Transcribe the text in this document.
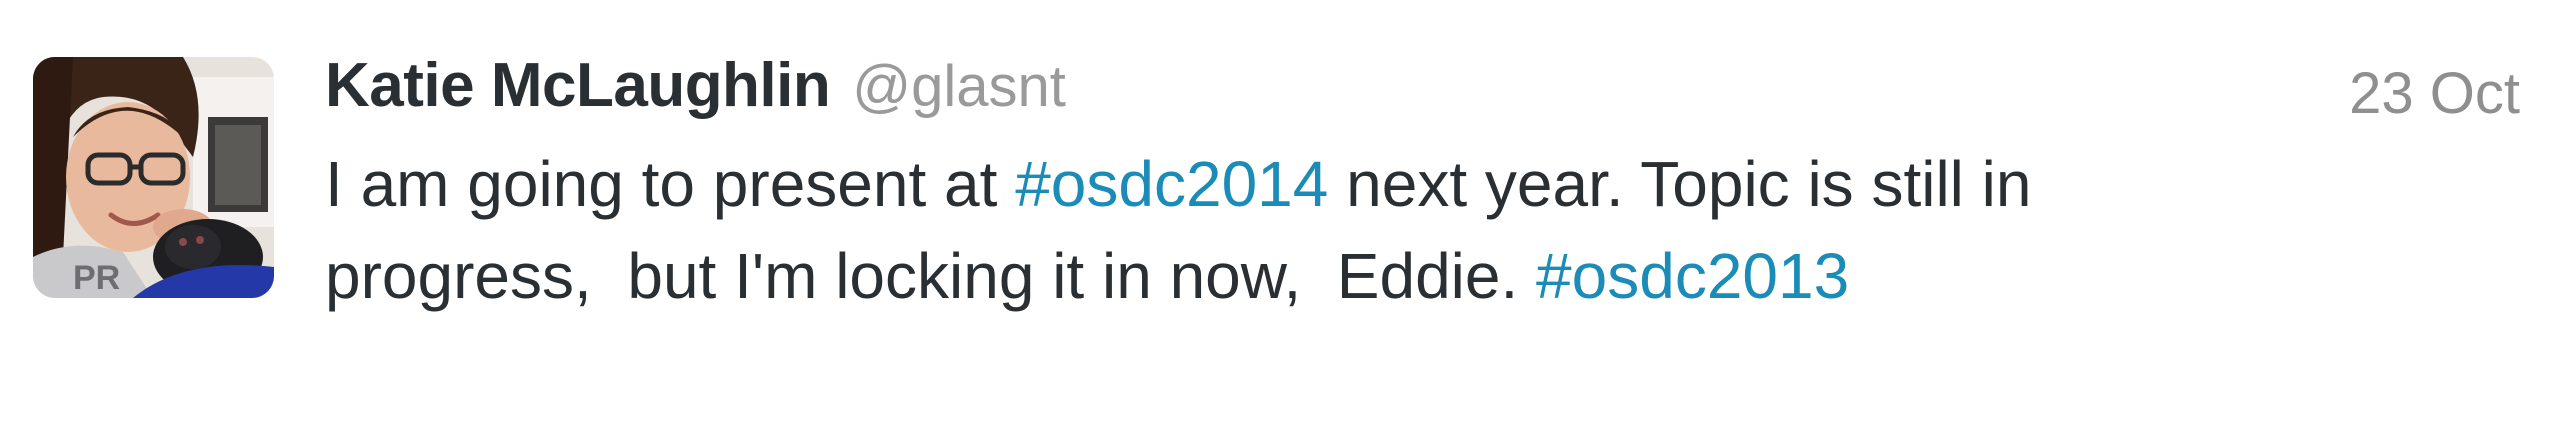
PR
Katie McLaughlin @glasnt	23 Oct
I am going to present at #osdc2014 next year. Topic is still in
progress,  but I'm locking it in now,  Eddie. #osdc2013
